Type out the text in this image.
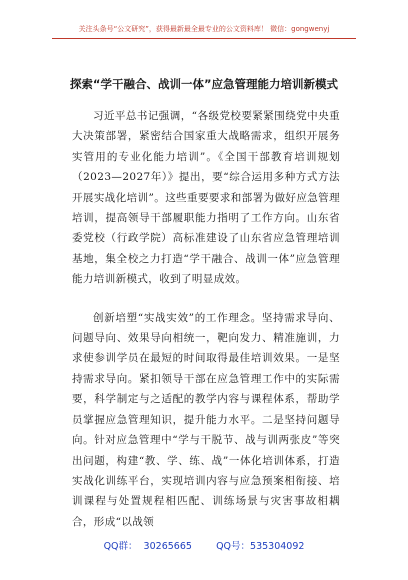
关注头条号“公文研究”，获得最新最全最专业的公文资料库！ 微信：gongwenyj
探索“学干融合、战训一体”应急管理能力培训新模式

习近平总书记强调，“各级党校要紧紧围绕党中央重大决策部署，紧密结合国家重大战略需求，组织开展务实管用的专业化能力培训”。《全国干部教育培训规划（2023—2027年）》提出，要“综合运用多种方式方法开展实战化培训”。这些重要要求和部署为做好应急管理培训，提高领导干部履职能力指明了工作方向。山东省委党校（行政学院）高标准建设了山东省应急管理培训基地，集全校之力打造“学干融合、战训一体”应急管理能力培训新模式，收到了明显成效。

创新培塑“实战实效”的工作理念。坚持需求导向、问题导向、效果导向相统一，靶向发力、精准施训，力求使参训学员在最短的时间取得最佳培训效果。一是坚持需求导向。紧扣领导干部在应急管理工作中的实际需要，科学制定与之适配的教学内容与课程体系，帮助学员掌握应急管理知识，提升能力水平。二是坚持问题导向。针对应急管理中“学与干脱节、战与训两张皮”等突出问题，构建“教、学、练、战”一体化培训体系，打造实战化训练平台，实现培训内容与应急预案相衔接、培训课程与处置规程相匹配、训练场景与灾害事故相耦合，形成“以战领

QQ群：  30265665        QQ号：535304092
